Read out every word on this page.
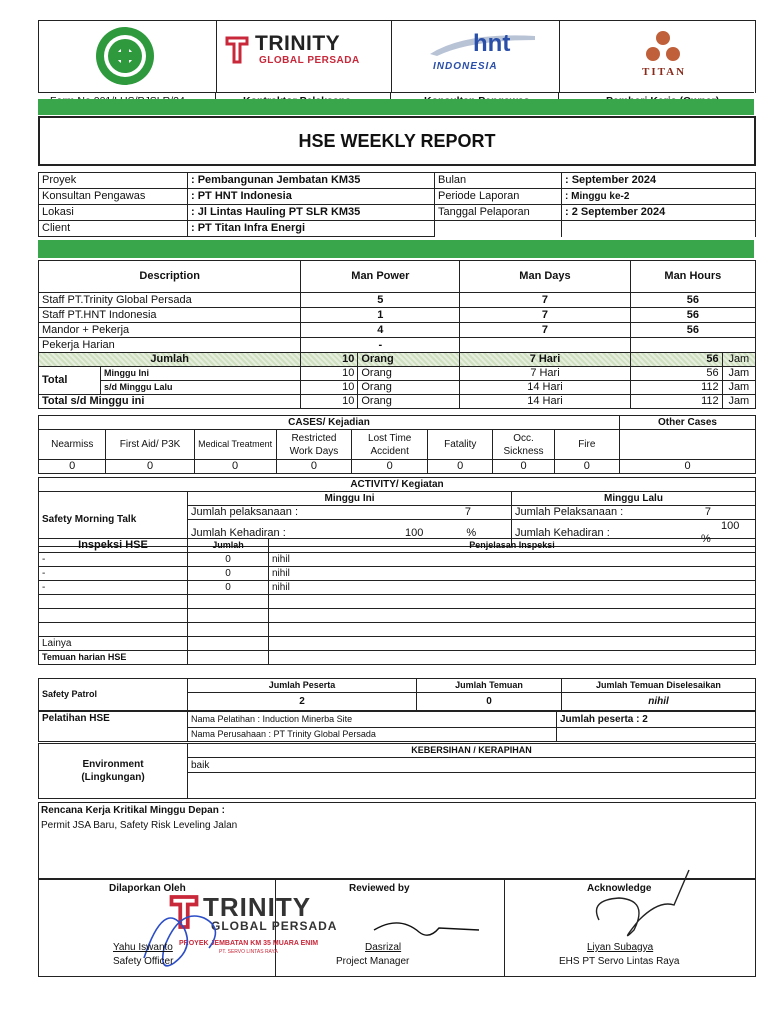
TRINITY
GLOBAL PERSADA
hnt
INDONESIA	TITAN
HSE WEEKLY REPORT
Proyek	: Pembangunan Jembatan KM35	Bulan	: September 2024
Konsultan Pengawas	: PT HNT Indonesia	Periode Laporan	: Minggu ke-2
Lokasi	: Jl Lintas Hauling PT SLR KM35	Tanggal Pelaporan	: 2 September 2024
Client	: PT Titan Infra Energi		
Description		Man Power		Man Days	Man Hours	
Staff PT.Trinity Global Persada		5		7	56	
Staff PT.HNT Indonesia		1		7	56	
Mandor + Pekerja		4		7	56	
Pekerja Harian		-				
Jumlah		10	Orang	7 Hari	56	Jam
Total	Minggu Ini	10	Orang	7 Hari	56	Jam
	s/d Minggu Lalu	10	Orang	14 Hari	112	Jam
Total s/d Minggu ini		10	Orang	14 Hari	112	Jam
CASES/ Kejadian								Other Cases
Nearmiss	First Aid/ P3K	Medical Treatment	Restricted Work Days	Lost Time Accident	Fatality	Occ. Sickness	Fire	
0	0	0	0	0	0	0	0	0
ACTIVITY/ Kegiatan				
Safety Morning Talk	Minggu Ini		Minggu Lalu	
	Jumlah pelaksanaan :	7	Jumlah Pelaksanaan :	7
	Jumlah Kehadiran :	100 %	Jumlah Kehadiran :	100 %
Inspeksi HSE	Jumlah	Penjelasan Inspeksi
-	0	nihil
-	0	nihil
-	0	nihil

Lainya		
Temuan harian HSE		
Safety Patrol	Jumlah Peserta	Jumlah Temuan	Jumlah Temuan Diselesaikan
	2	0	nihil
Pelatihan HSE	Nama Pelatihan : Induction Minerba Site	Jumlah peserta : 2
	Nama Perusahaan : PT Trinity Global Persada	
Environment
(Lingkungan)
	KEBERSIHAN / KERAPIHAN
baik

Rencana Kerja Kritikal Minggu Depan :
Permit JSA Baru, Safety Risk Leveling Jalan
Dilaporkan Oleh	Reviewed by	Acknowledge
TRINITY
GLOBAL PERSADA
PROYEK JEMBATAN KM 35 MUARA ENIM
PT. SERVO LINTAS RAYA
Yahu Iswanto
Safety Officer
Dasrizal
Project Manager
Liyan Subagya
EHS PT Servo Lintas Raya
